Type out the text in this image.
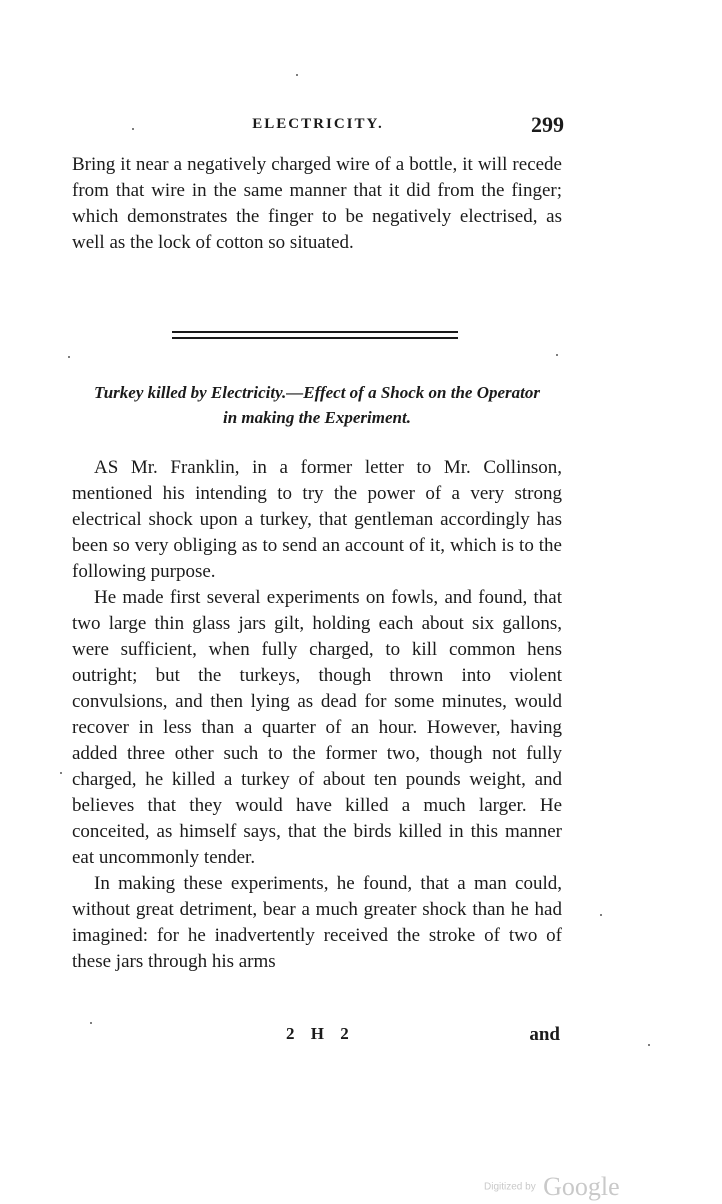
ELECTRICITY.	299

Bring it near a negatively charged wire of a bottle, it will recede from that wire in the same manner that it did from the finger; which demonstrates the finger to be negatively electrised, as well as the lock of cotton so situated.

Turkey killed by Electricity.—Effect of a Shock on the Operator
in making the Experiment.

AS Mr. Franklin, in a former letter to Mr. Collinson, mentioned his intending to try the power of a very strong electrical shock upon a turkey, that gentleman accordingly has been so very obliging as to send an account of it, which is to the following purpose.

He made first several experiments on fowls, and found, that two large thin glass jars gilt, holding each about six gallons, were sufficient, when fully charged, to kill common hens outright; but the turkeys, though thrown into violent convulsions, and then lying as dead for some minutes, would recover in less than a quarter of an hour. However, having added three other such to the former two, though not fully charged, he killed a turkey of about ten pounds weight, and believes that they would have killed a much larger. He conceited, as himself says, that the birds killed in this manner eat uncommonly tender.

In making these experiments, he found, that a man could, without great detriment, bear a much greater shock than he had imagined: for he inadvertently received the stroke of two of these jars through his arms

2 H 2	and
Digitized by Google
